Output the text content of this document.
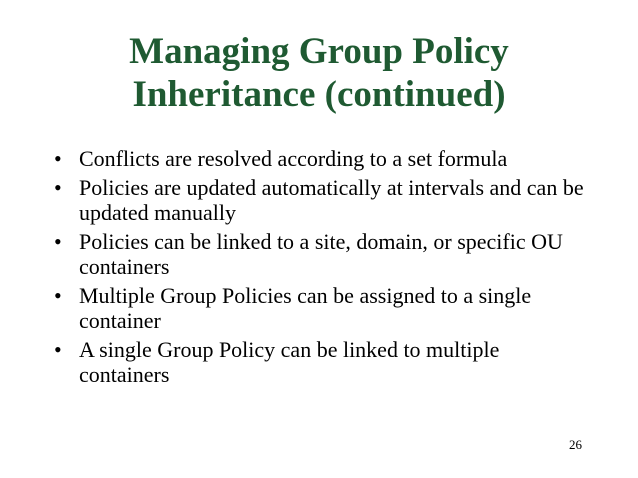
Managing Group Policy
Inheritance (continued)
• Conflicts are resolved according to a set formula
• Policies are updated automatically at intervals and can be updated manually
• Policies can be linked to a site, domain, or specific OU containers
• Multiple Group Policies can be assigned to a single container
• A single Group Policy can be linked to multiple containers
26
